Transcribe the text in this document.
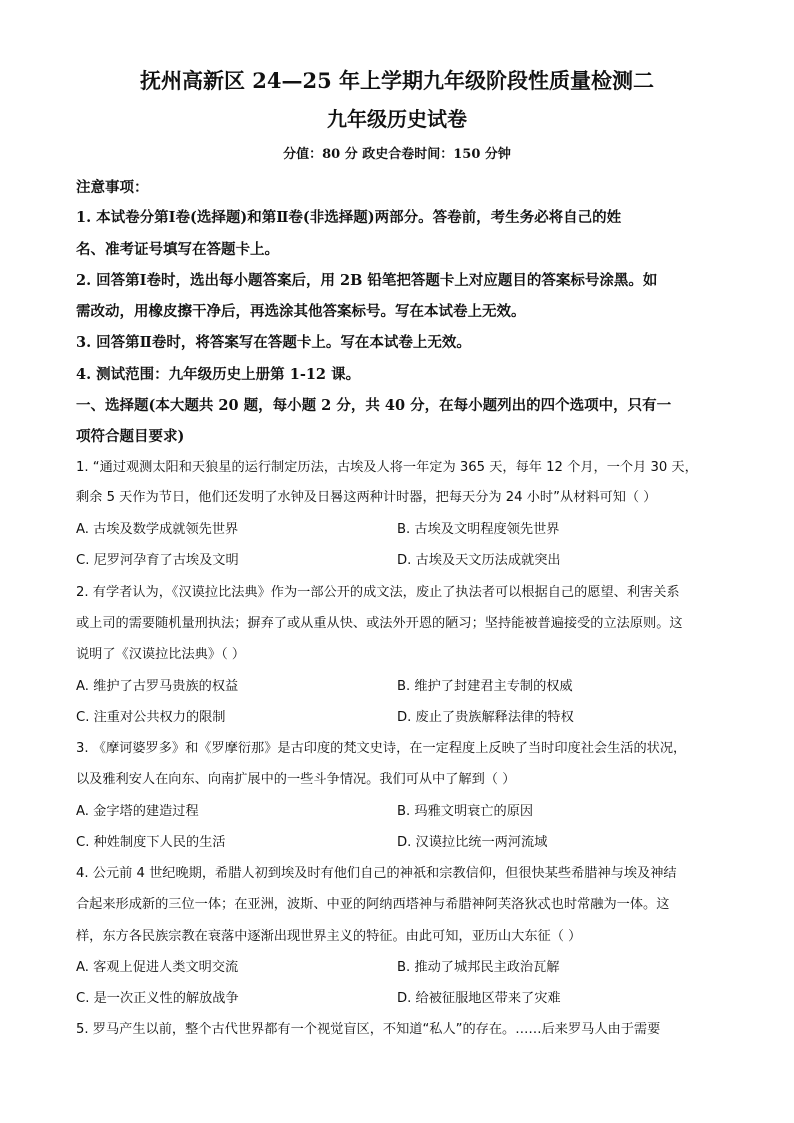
抚州高新区 24—25 年上学期九年级阶段性质量检测二
九年级历史试卷
分值：80 分 政史合卷时间：150 分钟
注意事项：
1. 本试卷分第Ⅰ卷(选择题)和第Ⅱ卷(非选择题)两部分。答卷前，考生务必将自己的姓
名、准考证号填写在答题卡上。
2. 回答第Ⅰ卷时，选出每小题答案后，用 2B 铅笔把答题卡上对应题目的答案标号涂黑。如
需改动，用橡皮擦干净后，再选涂其他答案标号。写在本试卷上无效。
3. 回答第Ⅱ卷时，将答案写在答题卡上。写在本试卷上无效。
4. 测试范围：九年级历史上册第 1-12 课。
一、选择题(本大题共 20 题，每小题 2 分，共 40 分，在每小题列出的四个选项中，只有一
项符合题目要求)
1. “通过观测太阳和天狼星的运行制定历法，古埃及人将一年定为 365 天，每年 12 个月，一个月 30 天，
剩余 5 天作为节日，他们还发明了水钟及日晷这两种计时器，把每天分为 24 小时”从材料可知（ ）
A. 古埃及数学成就领先世界	B. 古埃及文明程度领先世界
C. 尼罗河孕育了古埃及文明	D. 古埃及天文历法成就突出
2. 有学者认为，《汉谟拉比法典》作为一部公开的成文法，废止了执法者可以根据自己的愿望、利害关系
或上司的需要随机量刑执法；摒弃了或从重从快、或法外开恩的陋习；坚持能被普遍接受的立法原则。这
说明了《汉谟拉比法典》（ ）
A. 维护了古罗马贵族的权益	B. 维护了封建君主专制的权威
C. 注重对公共权力的限制	D. 废止了贵族解释法律的特权
3. 《摩诃婆罗多》和《罗摩衍那》是古印度的梵文史诗，在一定程度上反映了当时印度社会生活的状况，
以及雅利安人在向东、向南扩展中的一些斗争情况。我们可从中了解到（ ）
A. 金字塔的建造过程	B. 玛雅文明衰亡的原因
C. 种姓制度下人民的生活	D. 汉谟拉比统一两河流域
4. 公元前 4 世纪晚期，希腊人初到埃及时有他们自己的神祇和宗教信仰，但很快某些希腊神与埃及神结
合起来形成新的三位一体；在亚洲，波斯、中亚的阿纳西塔神与希腊神阿芙洛狄忒也时常融为一体。这
样，东方各民族宗教在衰落中逐渐出现世界主义的特征。由此可知，亚历山大东征（ ）
A. 客观上促进人类文明交流	B. 推动了城邦民主政治瓦解
C. 是一次正义性的解放战争	D. 给被征服地区带来了灾难
5. 罗马产生以前，整个古代世界都有一个视觉盲区，不知道“私人”的存在。……后来罗马人由于需要
